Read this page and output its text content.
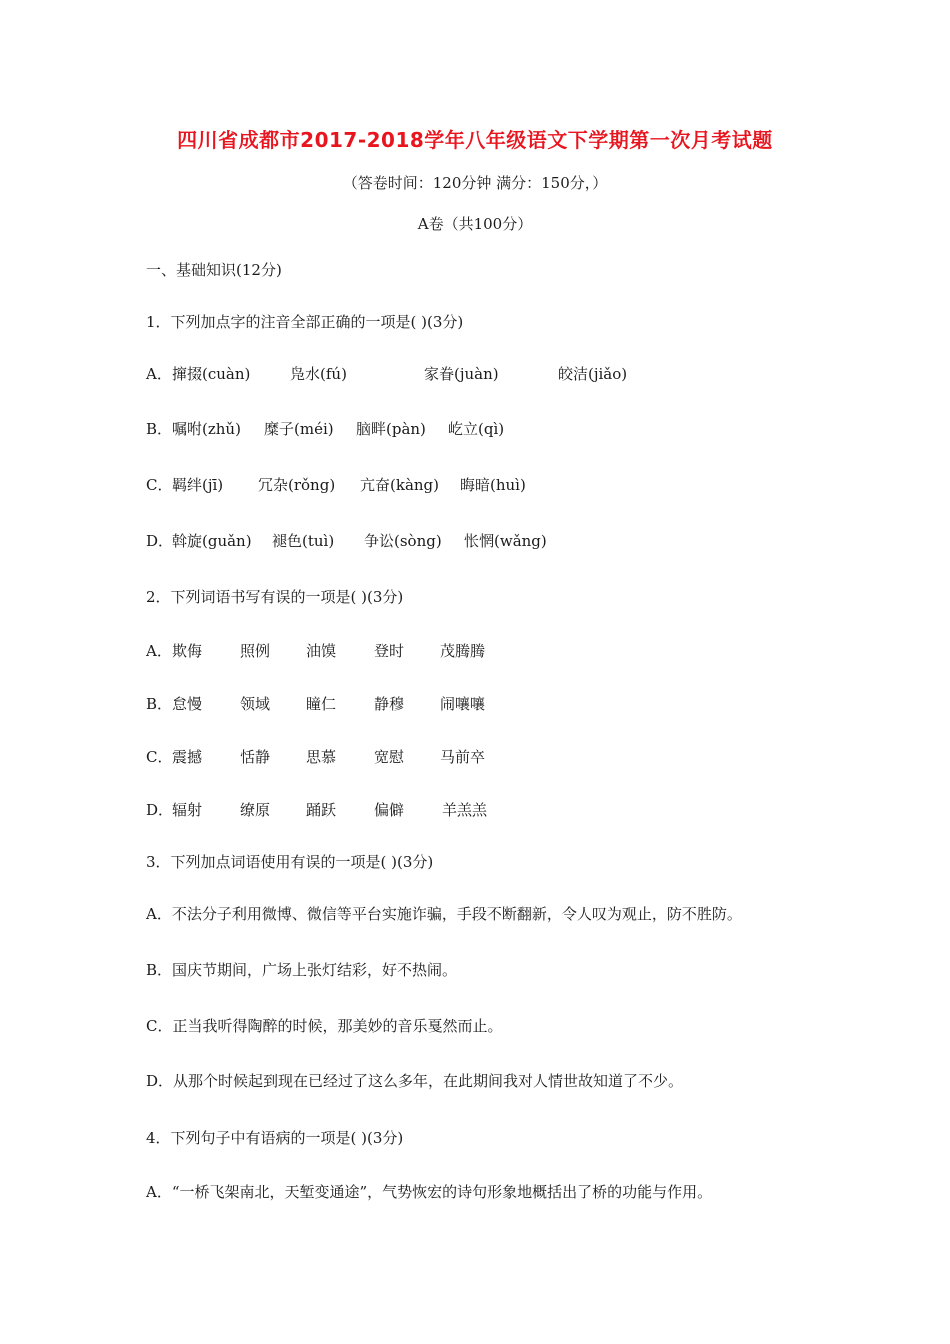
四川省成都市2017-2018学年八年级语文下学期第一次月考试题
（答卷时间：120分钟 满分：150分，）
A卷（共100分）
一、基础知识(12分)
1．下列加点字的注音全部正确的一项是( )(3分)
A． 撺掇(cuàn)	凫水(fú)	家眷(juàn)	皎洁(jiǎo)
B． 嘱咐(zhǔ) 糜子(méi) 脑畔(pàn) 屹立(qì)
C． 羁绊(jī) 冗杂(rǒng) 亢奋(kàng) 晦暗(huì)
D．
斡旋(guǎn) 褪色(tuì) 争讼(sòng) 怅惘(wǎng)
2．下列词语书写有误的一项是( )(3分)
A． 欺侮	照例 油馍	登时 茂腾腾
B． 怠慢	领域 瞳仁	静穆 闹嚷嚷
C． 震撼	恬静 思慕	宽慰 马前卒
D．
辐射	缭原 踊跃	偏僻	羊羔羔
3．下列加点词语使用有误的一项是( )(3分)
A．不法分子利用微博、微信等平台实施诈骗，手段不断翻新，令人叹为观止，防不胜防。
B．国庆节期间，广场上张灯结彩，好不热闹。
C．正当我听得陶醉的时候，那美妙的音乐戛然而止。
D．从那个时候起到现在已经过了这么多年，在此期间我对人情世故知道了不少。
4．下列句子中有语病的一项是( )(3分)
A．“一桥飞架南北，天堑变通途”，气势恢宏的诗句形象地概括出了桥的功能与作用。
